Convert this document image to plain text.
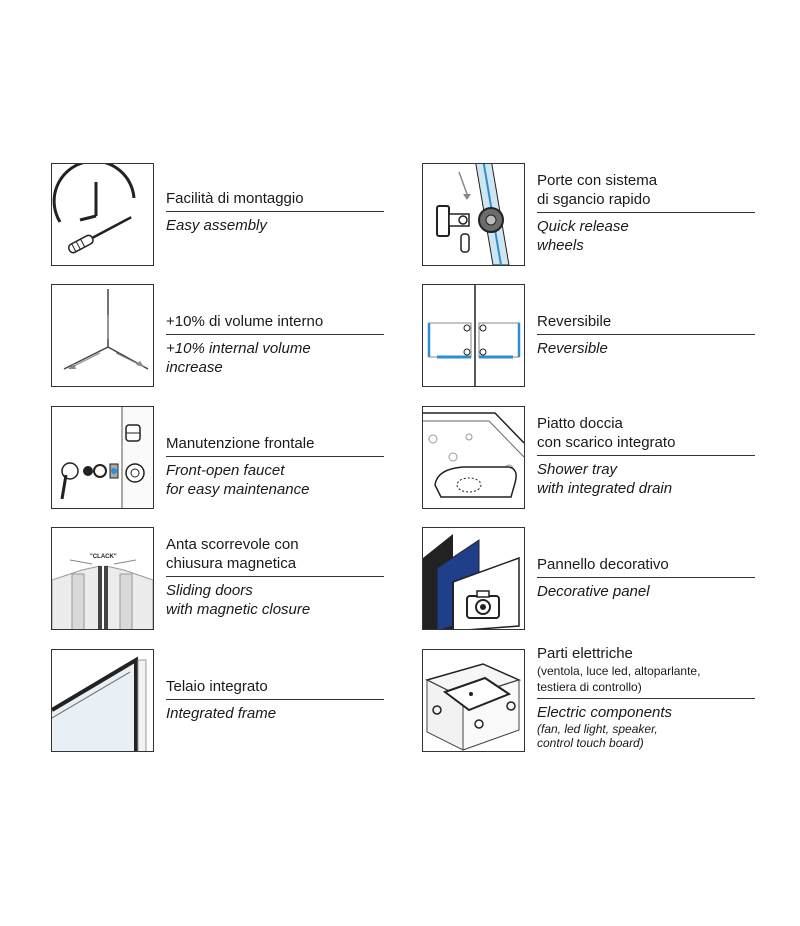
Facilità di montaggio

Easy assembly

Porte con sistema
di sgancio rapido

Quick release
wheels

+10% di volume interno

+10% internal volume
increase

Reversibile

Reversible

Manutenzione frontale

Front-open faucet
for easy maintenance

Piatto doccia
con scarico integrato

Shower tray
with integrated drain

"CLACK"

Anta scorrevole con
chiusura magnetica

Sliding doors
with magnetic closure

Pannello decorativo

Decorative panel

Telaio integrato

Integrated frame

Parti elettriche

(ventola, luce led, altoparlante,
testiera di controllo)

Electric components

(fan, led light, speaker,
control touch board)
